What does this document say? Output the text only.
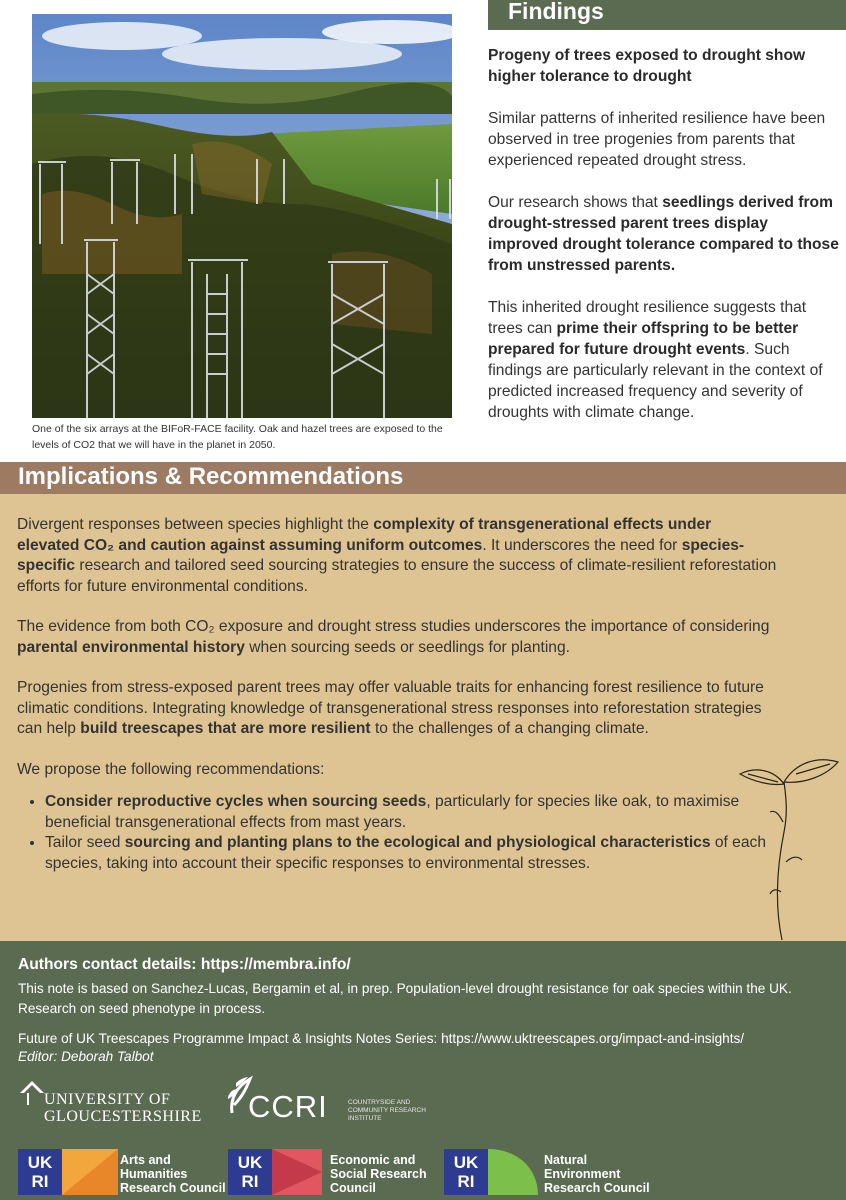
One of the six arrays at the BIFoR-FACE facility. Oak and hazel trees are exposed to the levels of CO2 that we will have in the planet in 2050.
Findings

Progeny of trees exposed to drought show higher tolerance to drought

Similar patterns of inherited resilience have been observed in tree progenies from parents that experienced repeated drought stress.

Our research shows that seedlings derived from drought-stressed parent trees display improved drought tolerance compared to those from unstressed parents.

This inherited drought resilience suggests that trees can prime their offspring to be better prepared for future drought events. Such findings are particularly relevant in the context of predicted increased frequency and severity of droughts with climate change.

Implications & Recommendations

Divergent responses between species highlight the complexity of transgenerational effects under elevated CO₂ and caution against assuming uniform outcomes. It underscores the need for species-specific research and tailored seed sourcing strategies to ensure the success of climate-resilient reforestation efforts for future environmental conditions.

The evidence from both CO₂ exposure and drought stress studies underscores the importance of considering parental environmental history when sourcing seeds or seedlings for planting.

Progenies from stress-exposed parent trees may offer valuable traits for enhancing forest resilience to future climatic conditions. Integrating knowledge of transgenerational stress responses into reforestation strategies can help build treescapes that are more resilient to the challenges of a changing climate.

We propose the following recommendations:

• Consider reproductive cycles when sourcing seeds, particularly for species like oak, to maximise beneficial transgenerational effects from mast years.
• Tailor seed sourcing and planting plans to the ecological and physiological characteristics of each species, taking into account their specific responses to environmental stresses.
Authors contact details: https://membra.info/
This note is based on Sanchez-Lucas, Bergamin et al, in prep. Population-level drought resistance for oak species within the UK. Research on seed phenotype in process.
Future of UK Treescapes Programme Impact & Insights Notes Series: https://www.uktreescapes.org/impact-and-insights/
Editor: Deborah Talbot
UNIVERSITY OF
GLOUCESTERSHIRE CCRI	COUNTRYSIDE AND COMMUNITY RESEARCH INSTITUTE
UK
RI
Arts and Humanities Research Council
UK
RI
Economic and Social Research Council
UK
RI
Natural Environment Research Council
